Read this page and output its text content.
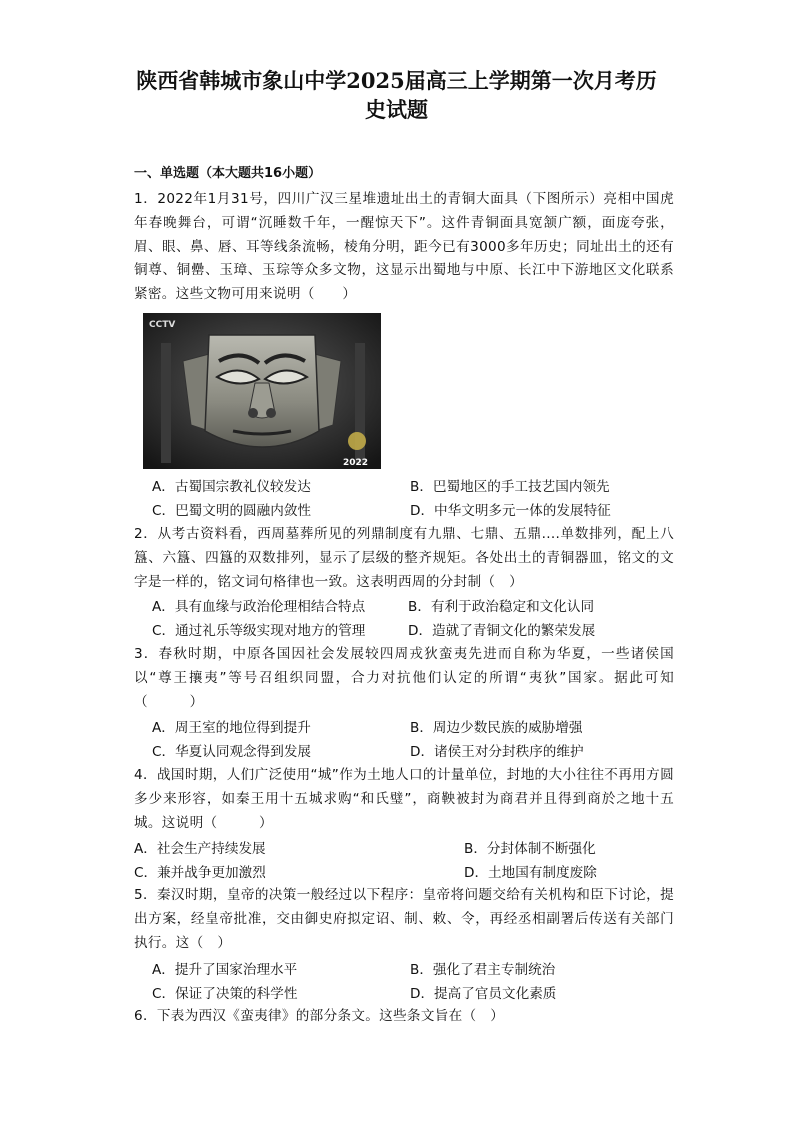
陕西省韩城市象山中学2025届高三上学期第一次月考历
史试题
一、单选题（本大题共16小题）
1．2022年1月31号，四川广汉三星堆遗址出土的青铜大面具（下图所示）亮相中国虎年春晚舞台，可谓“沉睡数千年，一醒惊天下”。这件青铜面具宽颔广额，面庞夸张，眉、眼、鼻、唇、耳等线条流畅，棱角分明，距今已有3000多年历史；同址出土的还有铜尊、铜罍、玉璋、玉琮等众多文物，这显示出蜀地与中原、长江中下游地区文化联系紧密。这些文物可用来说明（　　）
CCTV
2022
A．古蜀国宗教礼仪较发达	B．巴蜀地区的手工技艺国内领先
C．巴蜀文明的圆融内敛性	D．中华文明多元一体的发展特征
2．从考古资料看，西周墓葬所见的列鼎制度有九鼎、七鼎、五鼎....单数排列，配上八簋、六簋、四簋的双数排列，显示了层级的整齐规矩。各处出土的青铜器皿，铭文的文字是一样的，铭文词句格律也一致。这表明西周的分封制（　）
A．具有血缘与政治伦理相结合特点	B．有利于政治稳定和文化认同
C．通过礼乐等级实现对地方的管理	D．造就了青铜文化的繁荣发展
3．春秋时期，中原各国因社会发展较四周戎狄蛮夷先进而自称为华夏，一些诸侯国以“尊王攘夷”等号召组织同盟，合力对抗他们认定的所谓“夷狄”国家。据此可知（　　　）
A．周王室的地位得到提升	B．周边少数民族的威胁增强
C．华夏认同观念得到发展	D．诸侯王对分封秩序的维护
4．战国时期，人们广泛使用“城”作为土地人口的计量单位，封地的大小往往不再用方圆多少来形容，如秦王用十五城求购“和氏璧”，商鞅被封为商君并且得到商於之地十五城。这说明（　　　）
A．社会生产持续发展	B．分封体制不断强化
C．兼并战争更加激烈	D．土地国有制度废除
5．秦汉时期，皇帝的决策一般经过以下程序：皇帝将问题交给有关机构和臣下讨论，提出方案，经皇帝批准，交由御史府拟定诏、制、敕、令，再经丞相副署后传送有关部门执行。这（　）
A．提升了国家治理水平	B．强化了君主专制统治
C．保证了决策的科学性	D．提高了官员文化素质
6．下表为西汉《蛮夷律》的部分条文。这些条文旨在（　）
